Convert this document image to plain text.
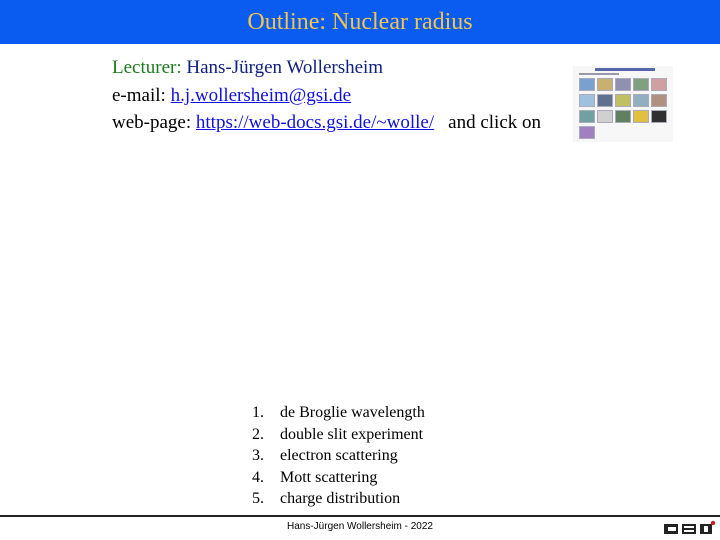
Outline: Nuclear radius
Lecturer: Hans-Jürgen Wollersheim
e-mail: h.j.wollersheim@gsi.de
web-page: https://web-docs.gsi.de/~wolle/ and click on
1. de Broglie wavelength
2. double slit experiment
3. electron scattering
4. Mott scattering
5. charge distribution
Hans-Jürgen Wollersheim - 2022
